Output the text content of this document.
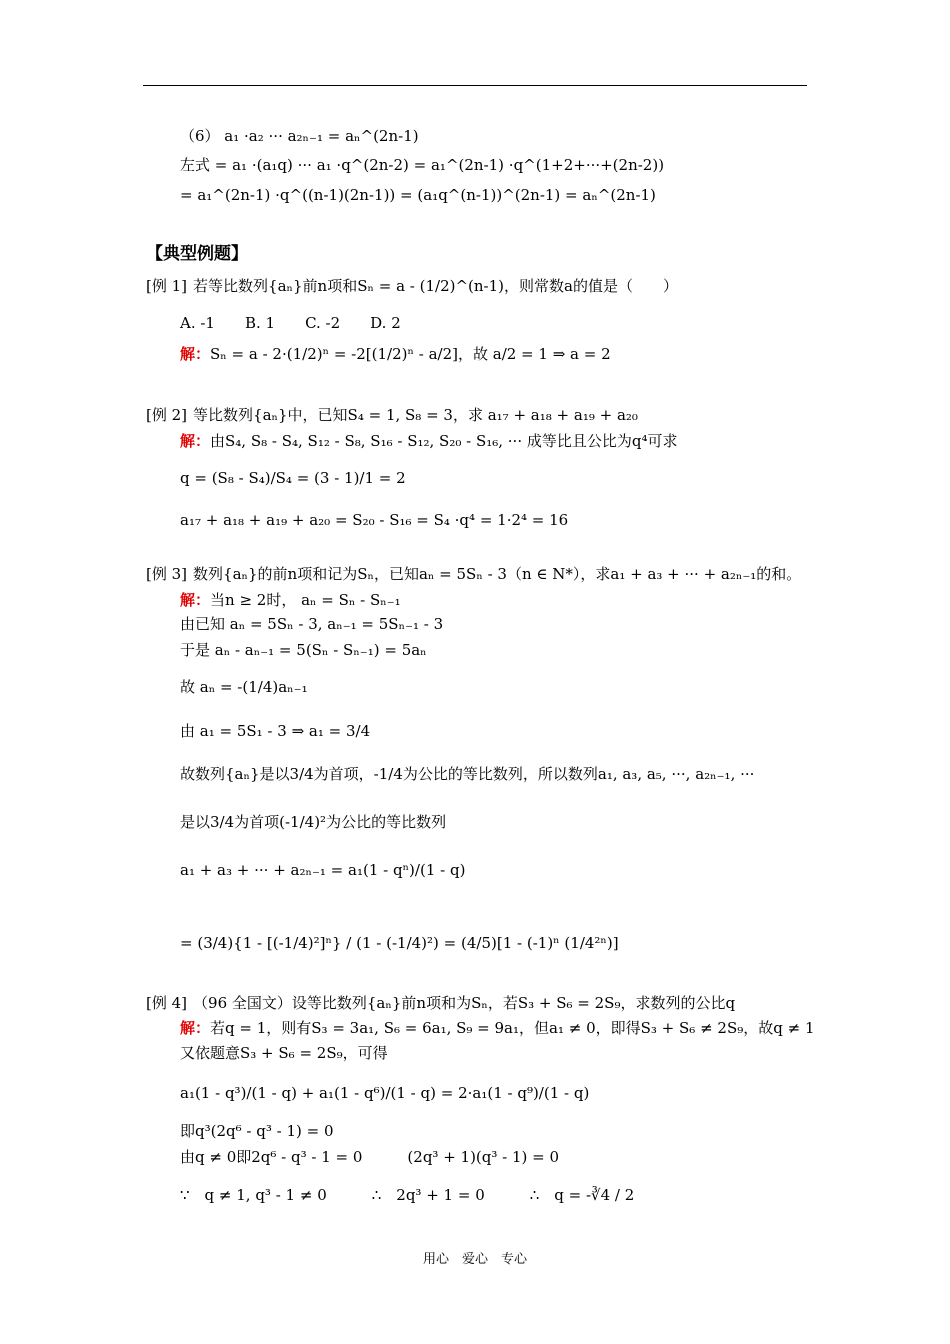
（6） a₁ ·a₂ ··· a₂ₙ₋₁ = aₙ^(2n-1)
左式 = a₁ ·(a₁q) ··· a₁ ·q^(2n-2) = a₁^(2n-1) ·q^(1+2+···+(2n-2))
= a₁^(2n-1) ·q^((n-1)(2n-1)) = (a₁q^(n-1))^(2n-1) = aₙ^(2n-1)
【典型例题】
[例 1] 若等比数列{aₙ}前n项和Sₙ = a - (1/2)^(n-1)，则常数a的值是（　　）
A. -1　　B. 1　　C. -2　　D. 2
解：Sₙ = a - 2·(1/2)ⁿ = -2[(1/2)ⁿ - a/2]，故 a/2 = 1 ⇒ a = 2
[例 2] 等比数列{aₙ}中，已知S₄ = 1, S₈ = 3，求 a₁₇ + a₁₈ + a₁₉ + a₂₀
解：由S₄, S₈ - S₄, S₁₂ - S₈, S₁₆ - S₁₂, S₂₀ - S₁₆, ··· 成等比且公比为q⁴可求
q = (S₈ - S₄)/S₄ = (3 - 1)/1 = 2
a₁₇ + a₁₈ + a₁₉ + a₂₀ = S₂₀ - S₁₆ = S₄ ·q⁴ = 1·2⁴ = 16
[例 3] 数列{aₙ}的前n项和记为Sₙ，已知aₙ = 5Sₙ - 3（n ∈ N*），求a₁ + a₃ + ··· + a₂ₙ₋₁的和。
解：当n ≥ 2时， aₙ = Sₙ - Sₙ₋₁
由已知 aₙ = 5Sₙ - 3, aₙ₋₁ = 5Sₙ₋₁ - 3
于是 aₙ - aₙ₋₁ = 5(Sₙ - Sₙ₋₁) = 5aₙ
故 aₙ = -(1/4)aₙ₋₁
由 a₁ = 5S₁ - 3 ⇒ a₁ = 3/4
故数列{aₙ}是以3/4为首项，-1/4为公比的等比数列，所以数列a₁, a₃, a₅, ···, a₂ₙ₋₁, ···
是以3/4为首项(-1/4)²为公比的等比数列
a₁ + a₃ + ··· + a₂ₙ₋₁ = a₁(1 - qⁿ)/(1 - q)
= (3/4){1 - [(-1/4)²]ⁿ} / (1 - (-1/4)²) = (4/5)[1 - (-1)ⁿ (1/4²ⁿ)]
[例 4] （96 全国文）设等比数列{aₙ}前n项和为Sₙ，若S₃ + S₆ = 2S₉，求数列的公比q
解：若q = 1，则有S₃ = 3a₁, S₆ = 6a₁, S₉ = 9a₁，但a₁ ≠ 0，即得S₃ + S₆ ≠ 2S₉，故q ≠ 1
又依题意S₃ + S₆ = 2S₉，可得
a₁(1 - q³)/(1 - q) + a₁(1 - q⁶)/(1 - q) = 2·a₁(1 - q⁹)/(1 - q)
即q³(2q⁶ - q³ - 1) = 0
由q ≠ 0即2q⁶ - q³ - 1 = 0　　　(2q³ + 1)(q³ - 1) = 0
∵　q ≠ 1, q³ - 1 ≠ 0　　　∴　2q³ + 1 = 0　　　∴　q = -∛4 / 2
用心　爱心　专心
